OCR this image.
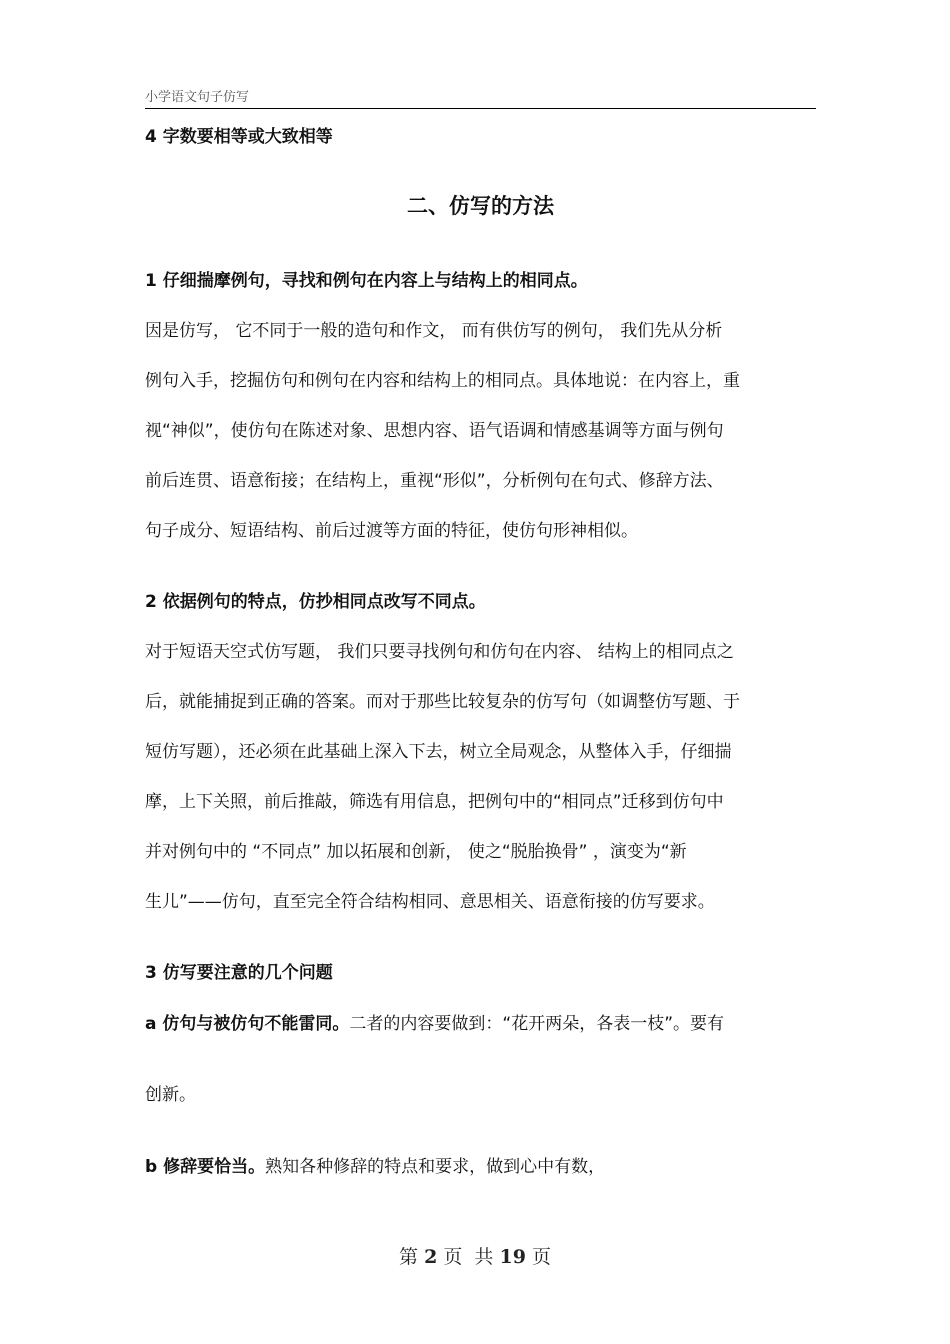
小学语文句子仿写
4 字数要相等或大致相等
二、仿写的方法
1 仔细揣摩例句，寻找和例句在内容上与结构上的相同点。
因是仿写， 它不同于一般的造句和作文， 而有供仿写的例句， 我们先从分析
例句入手，挖掘仿句和例句在内容和结构上的相同点。具体地说：在内容上，重
视“神似”，使仿句在陈述对象、思想内容、语气语调和情感基调等方面与例句
前后连贯、语意衔接；在结构上，重视“形似”，分析例句在句式、修辞方法、
句子成分、短语结构、前后过渡等方面的特征，使仿句形神相似。
2 依据例句的特点，仿抄相同点改写不同点。
对于短语天空式仿写题， 我们只要寻找例句和仿句在内容、 结构上的相同点之
后，就能捕捉到正确的答案。而对于那些比较复杂的仿写句（如调整仿写题、于
短仿写题），还必须在此基础上深入下去，树立全局观念，从整体入手，仔细揣
摩，上下关照，前后推敲，筛选有用信息，把例句中的“相同点”迁移到仿句中
并对例句中的 “不同点” 加以拓展和创新， 使之“脱胎换骨” ，演变为“新
生儿”——仿句，直至完全符合结构相同、意思相关、语意衔接的仿写要求。
3 仿写要注意的几个问题
a 仿句与被仿句不能雷同。二者的内容要做到：“花开两朵，各表一枝”。要有
创新。
b 修辞要恰当。熟知各种修辞的特点和要求，做到心中有数，
第 2 页  共 19 页
